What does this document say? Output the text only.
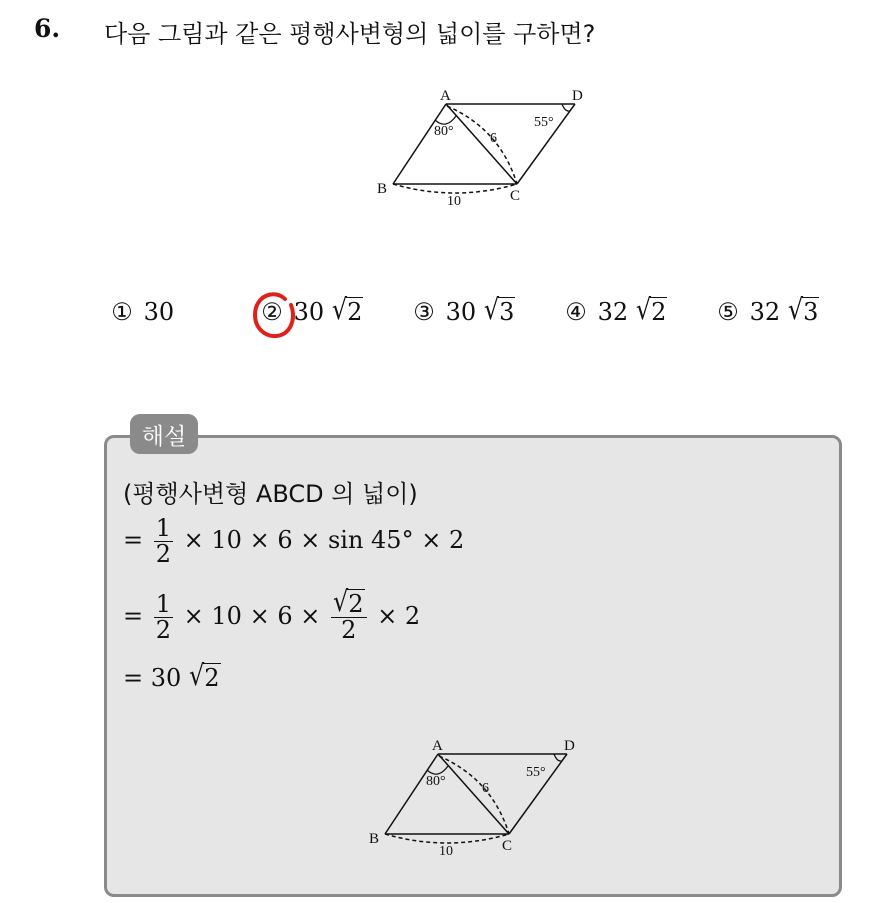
6. 다음 그림과 같은 평행사변형의 넓이를 구하면?
A	D
B	C
80°
55°
6
10
① 30	② 30 √2 ③ 30 √3 ④ 32 √2 ⑤ 32 √3
해설
(평행사변형 ABCD 의 넓이)
= $\frac{1}{2} \times 10 \times 6 \times \sin 45^\circ \times 2$
= $\frac{1}{2} \times 10 \times 6 \times \frac{√2}{2} \times 2$
= 30 √2
A	D
B	C
80°
55°
6
10
